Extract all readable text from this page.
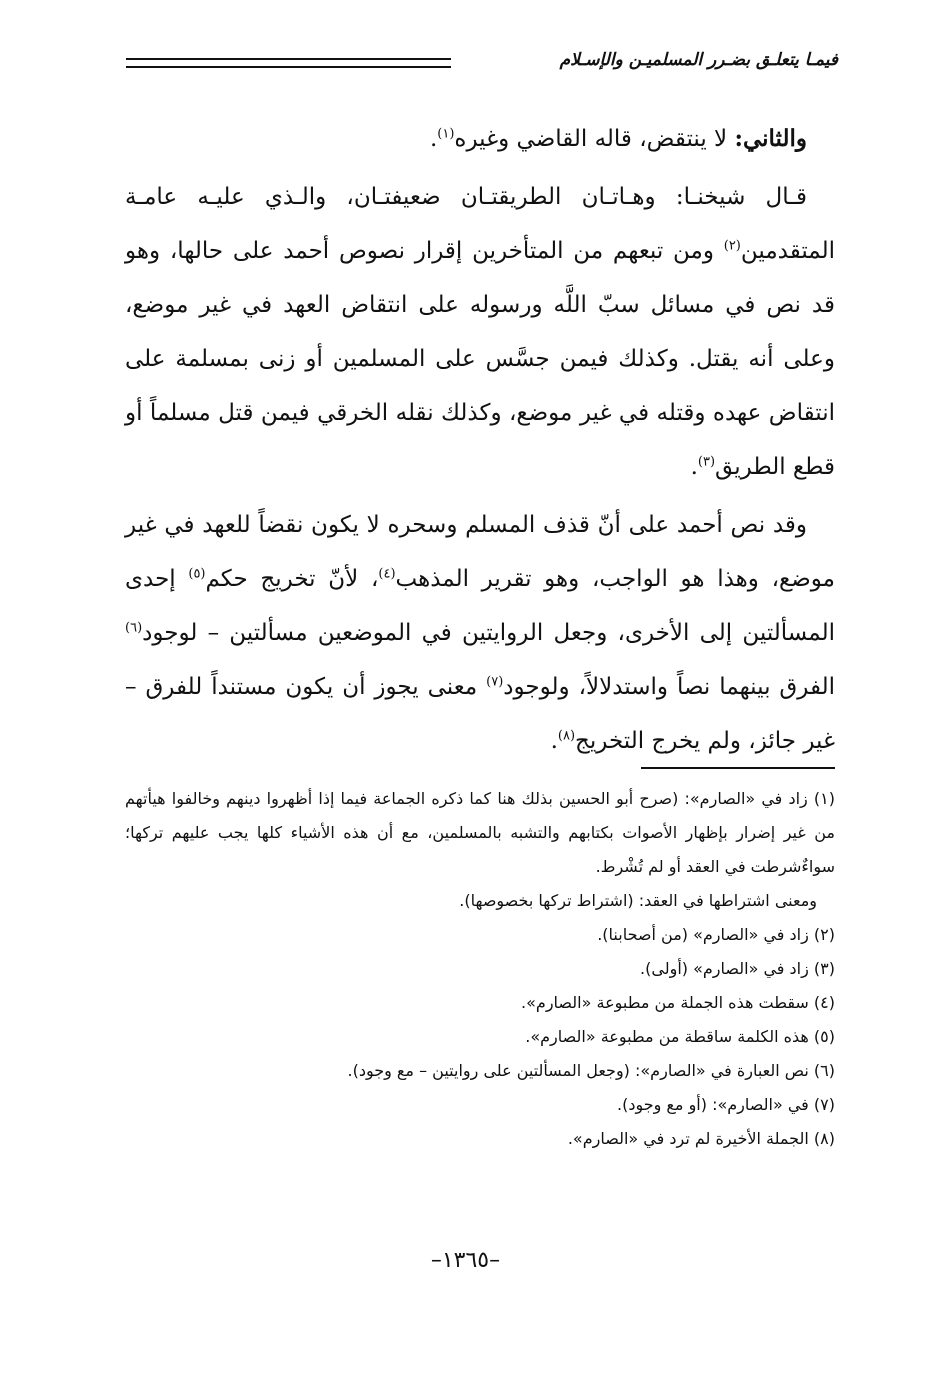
فيمـا يتعلـق بضـرر المسلميـن والإسـلام

والثاني: لا ينتقض، قاله القاضي وغيره$^{(١)}$.

قـال شيخنـا: وهـاتـان الطريقتـان ضعيفتـان، والـذي عليـه عامـة المتقدمين$^{(٢)}$ ومن تبعهم من المتأخرين إقرار نصوص أحمد على حالها، وهو قد نص في مسائل سبّ اللَّه ورسوله على انتقاض العهد في غير موضع، وعلى أنه يقتل. وكذلك فيمن جسَّس على المسلمين أو زنى بمسلمة على انتقاض عهده وقتله في غير موضع، وكذلك نقله الخرقي فيمن قتل مسلماً أو قطع الطريق$^{(٣)}$.

وقد نص أحمد على أنّ قذف المسلم وسحره لا يكون نقضاً للعهد في غير موضع، وهذا هو الواجب، وهو تقرير المذهب$^{(٤)}$، لأنّ تخريج حكم$^{(٥)}$ إحدى المسألتين إلى الأخرى، وجعل الروايتين في الموضعين مسألتين – لوجود$^{(٦)}$ الفرق بينهما نصاً واستدلالاً، ولوجود$^{(٧)}$ معنى يجوز أن يكون مستنداً للفرق – غير جائز، ولم يخرج التخريج$^{(٨)}$.

(١) زاد في «الصارم»: (صرح أبو الحسين بذلك هنا كما ذكره الجماعة فيما إذا أظهروا دينهم وخالفوا هيأتهم من غير إضرار بإظهار الأصوات بكتابهم والتشبه بالمسلمين، مع أن هذه الأشياء كلها يجب عليهم تركها؛ سواءٌشرطت في العقد أو لم تُشْرط.

ومعنى اشتراطها في العقد: (اشتراط تركها بخصوصها).

(٢) زاد في «الصارم» (من أصحابنا).

(٣) زاد في «الصارم» (أولى).

(٤) سقطت هذه الجملة من مطبوعة «الصارم».

(٥) هذه الكلمة ساقطة من مطبوعة «الصارم».

(٦) نص العبارة في «الصارم»: (وجعل المسألتين على روايتين – مع وجود).

(٧) في «الصارم»: (أو مع وجود).

(٨) الجملة الأخيرة لم ترد في «الصارم».

–١٣٦٥–
